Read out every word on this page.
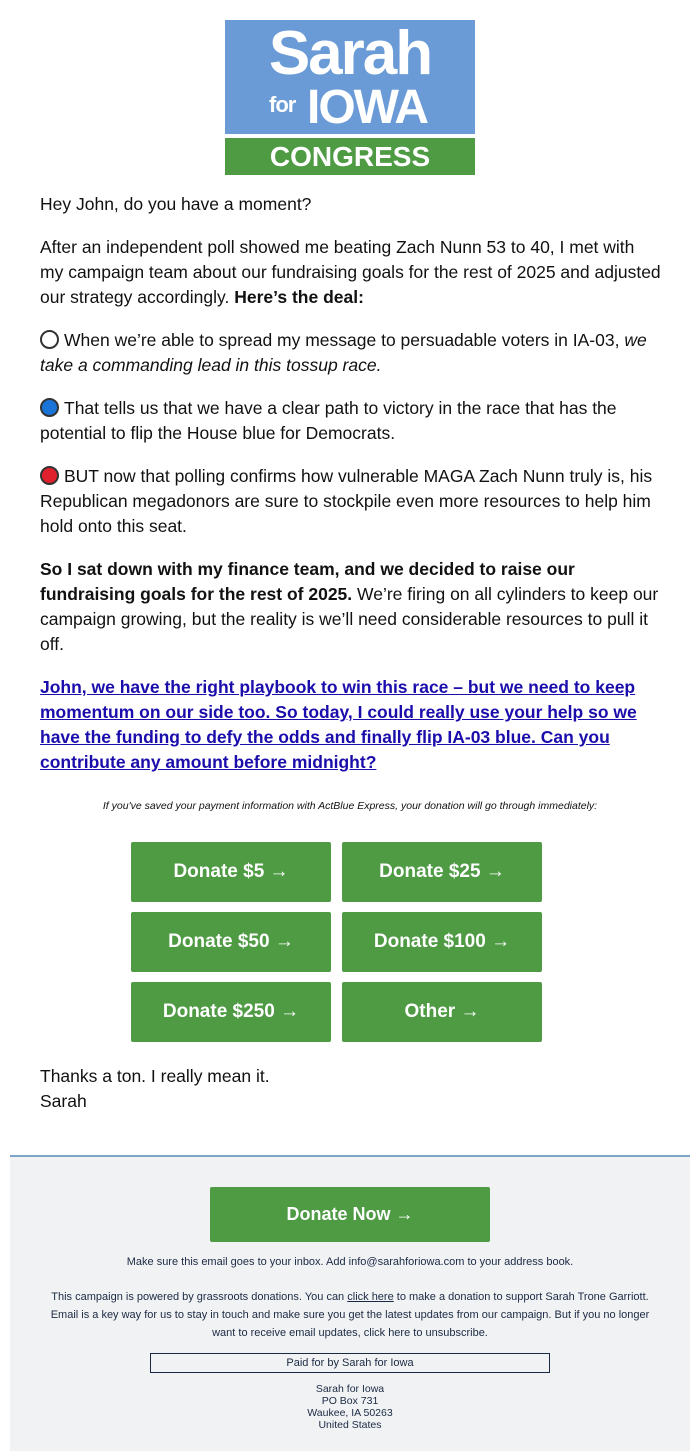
Sarah
for IOWA
CONGRESS

Hey John, do you have a moment?

After an independent poll showed me beating Zach Nunn 53 to 40, I met with my campaign team about our fundraising goals for the rest of 2025 and adjusted our strategy accordingly. Here’s the deal:

When we’re able to spread my message to persuadable voters in IA-03, we take a commanding lead in this tossup race.

That tells us that we have a clear path to victory in the race that has the potential to flip the House blue for Democrats.

BUT now that polling confirms how vulnerable MAGA Zach Nunn truly is, his Republican megadonors are sure to stockpile even more resources to help him hold onto this seat.

So I sat down with my finance team, and we decided to raise our fundraising goals for the rest of 2025. We’re firing on all cylinders to keep our campaign growing, but the reality is we’ll need considerable resources to pull it off.

John, we have the right playbook to win this race – but we need to keep momentum on our side too. So today, I could really use your help so we have the funding to defy the odds and finally flip IA-03 blue. Can you contribute any amount before midnight?

If you've saved your payment information with ActBlue Express, your donation will go through immediately:
Donate $5 →	Donate $25 →
Donate $50 →	Donate $100 →
Donate $250 →	Other →
Thanks a ton. I really mean it.
Sarah
Donate Now →
Make sure this email goes to your inbox. Add info@sarahforiowa.com to your address book.
This campaign is powered by grassroots donations. You can click here to make a donation to support Sarah Trone Garriott.
Email is a key way for us to stay in touch and make sure you get the latest updates from our campaign. But if you no longer
want to receive email updates, click here to unsubscribe.
Paid for by Sarah for Iowa
Sarah for Iowa
PO Box 731
Waukee, IA 50263
United States
